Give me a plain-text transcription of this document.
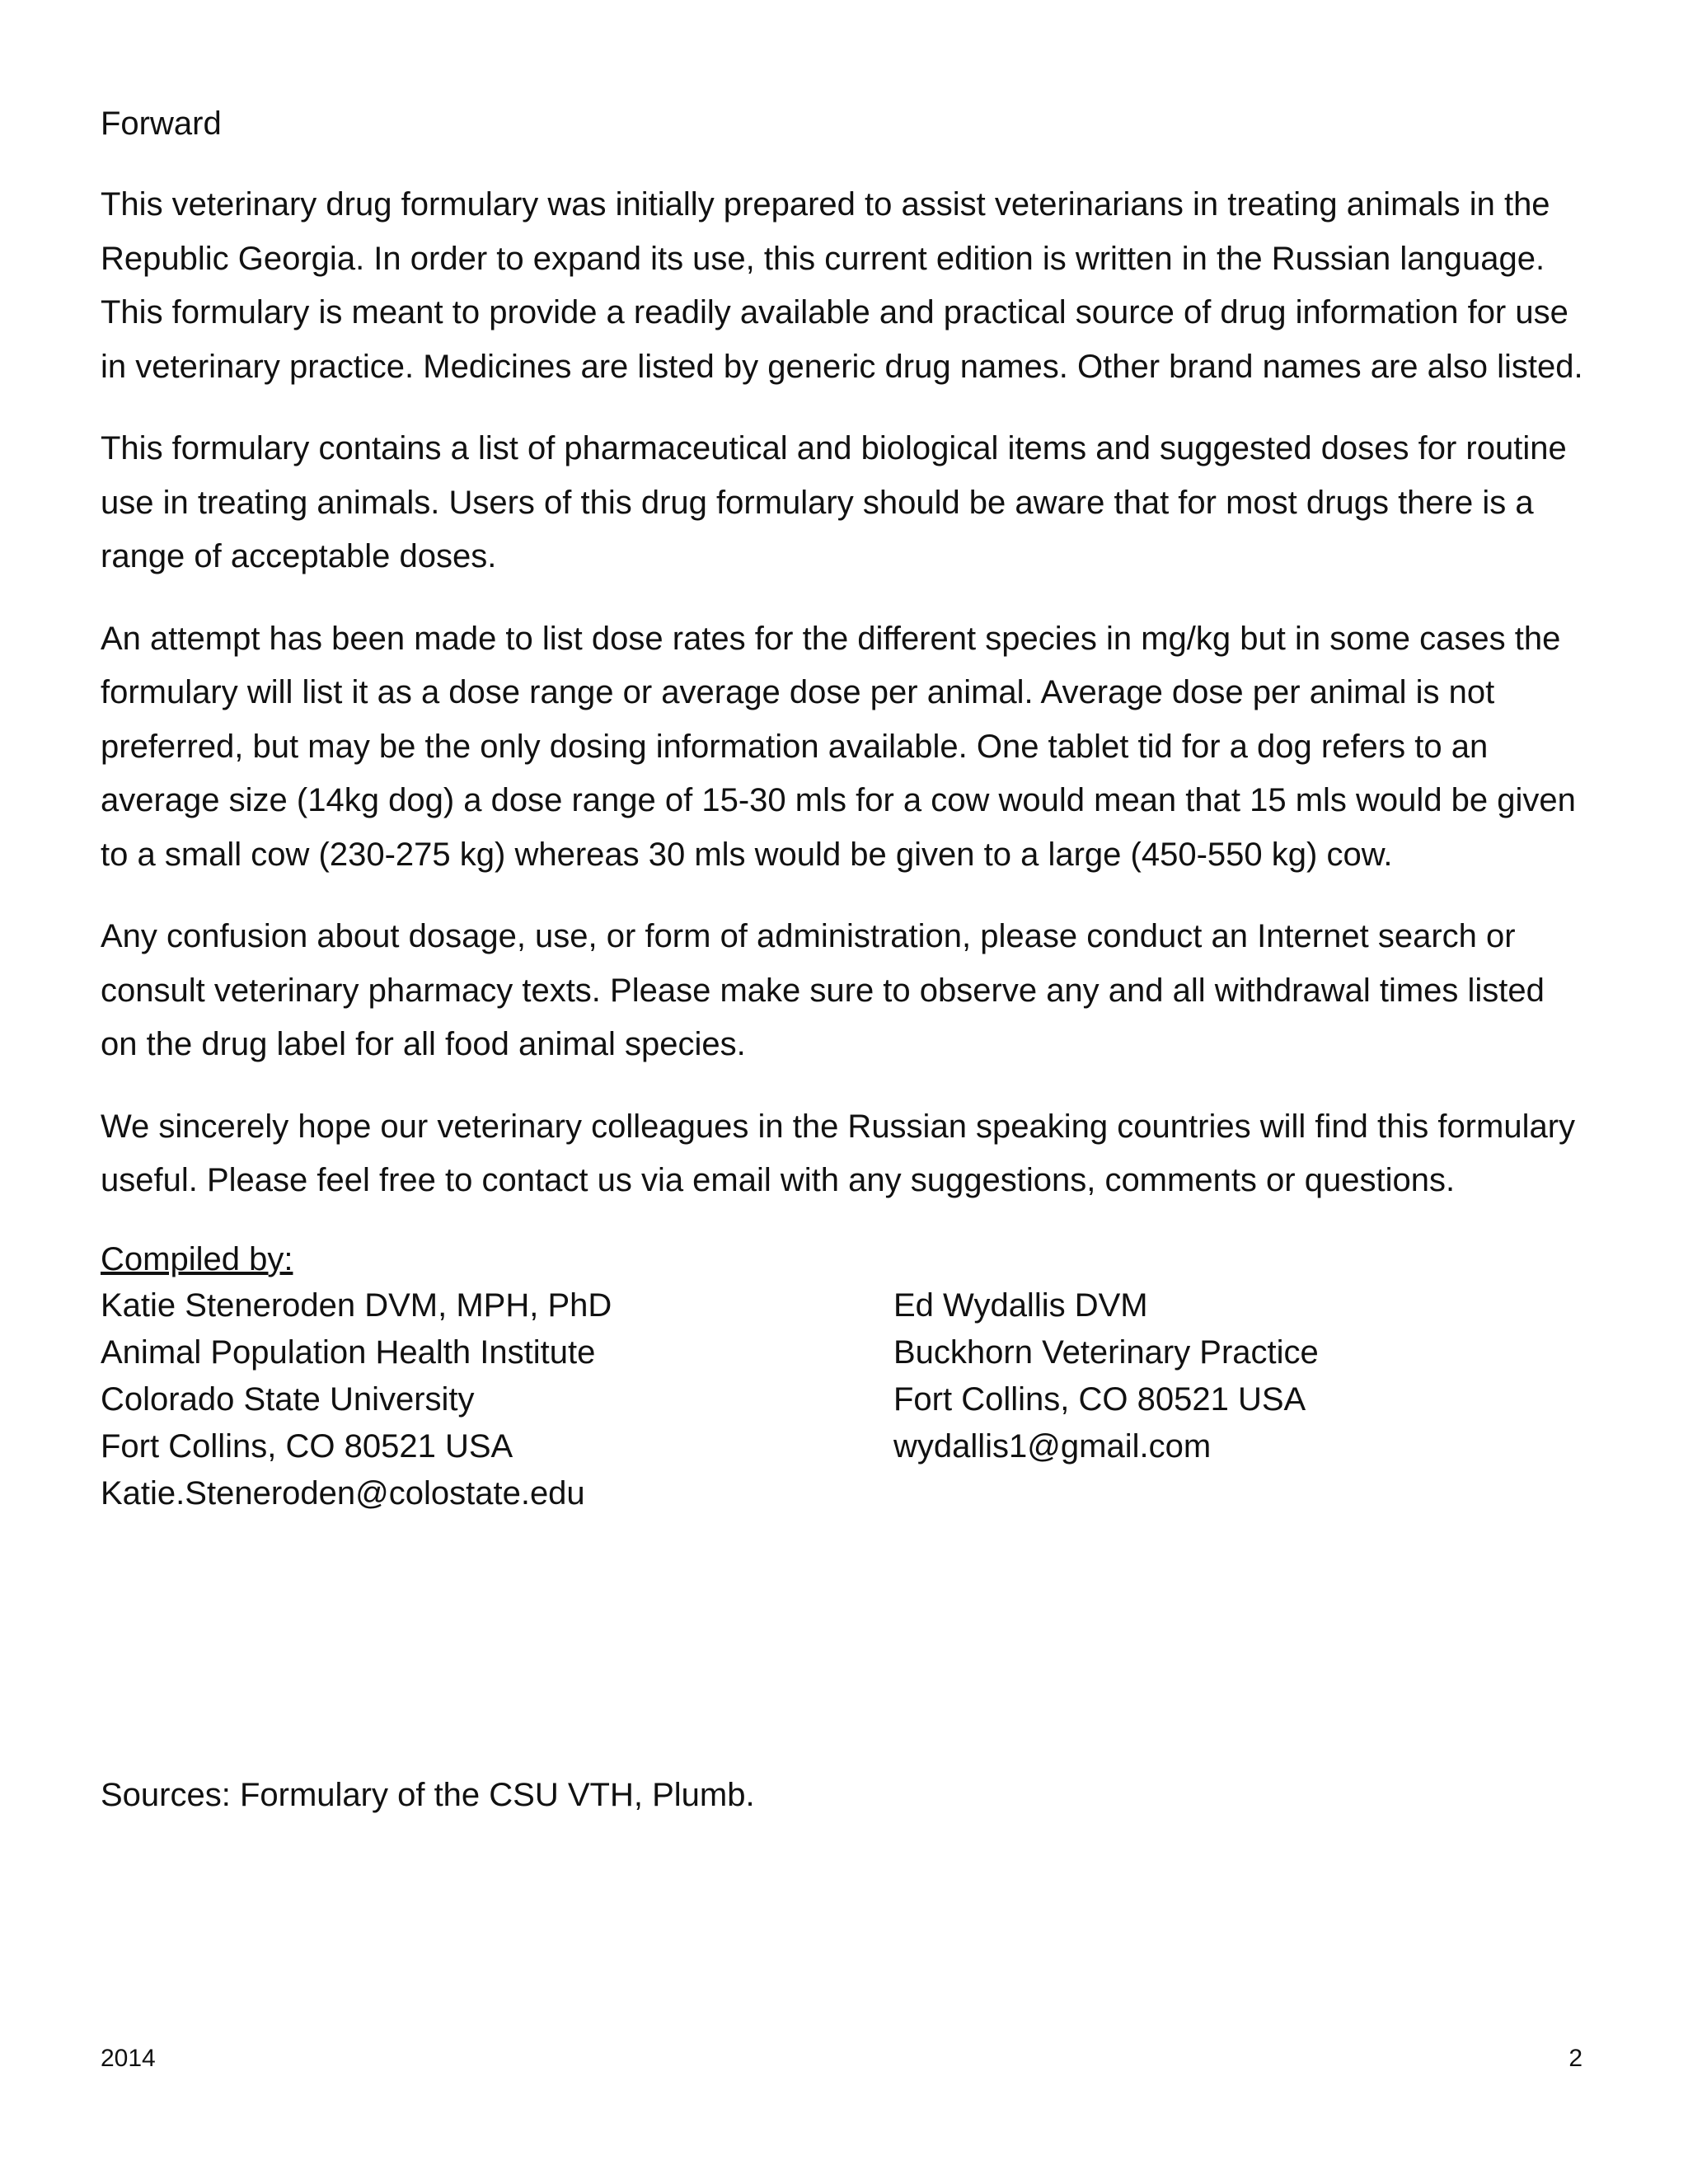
Forward

This veterinary drug formulary was initially prepared to assist veterinarians in treating animals in the Republic Georgia. In order to expand its use, this current edition is written in the Russian language. This formulary is meant to provide a readily available and practical source of drug information for use in veterinary practice. Medicines are listed by generic drug names. Other brand names are also listed.

This formulary contains a list of pharmaceutical and biological items and suggested doses for routine use in treating animals. Users of this drug formulary should be aware that for most drugs there is a range of acceptable doses.

An attempt has been made to list dose rates for the different species in mg/kg but in some cases the formulary will list it as a dose range or average dose per animal. Average dose per animal is not preferred, but may be the only dosing information available. One tablet tid for a dog refers to an average size (14kg dog) a dose range of 15-30 mls for a cow would mean that 15 mls would be given to a small cow (230-275 kg) whereas 30 mls would be given to a large (450-550 kg) cow.

Any confusion about dosage, use, or form of administration, please conduct an Internet search or consult veterinary pharmacy texts. Please make sure to observe any and all withdrawal times listed on the drug label for all food animal species.

We sincerely hope our veterinary colleagues in the Russian speaking countries will find this formulary useful. Please feel free to contact us via email with any suggestions, comments or questions.

Compiled by:
Katie Steneroden DVM, MPH, PhD
Animal Population Health Institute
Colorado State University
Fort Collins, CO 80521 USA
Katie.Steneroden@colostate.edu
Ed Wydallis DVM
Buckhorn Veterinary Practice
Fort Collins, CO 80521 USA
wydallis1@gmail.com
Sources: Formulary of the CSU VTH, Plumb.
2014	2
